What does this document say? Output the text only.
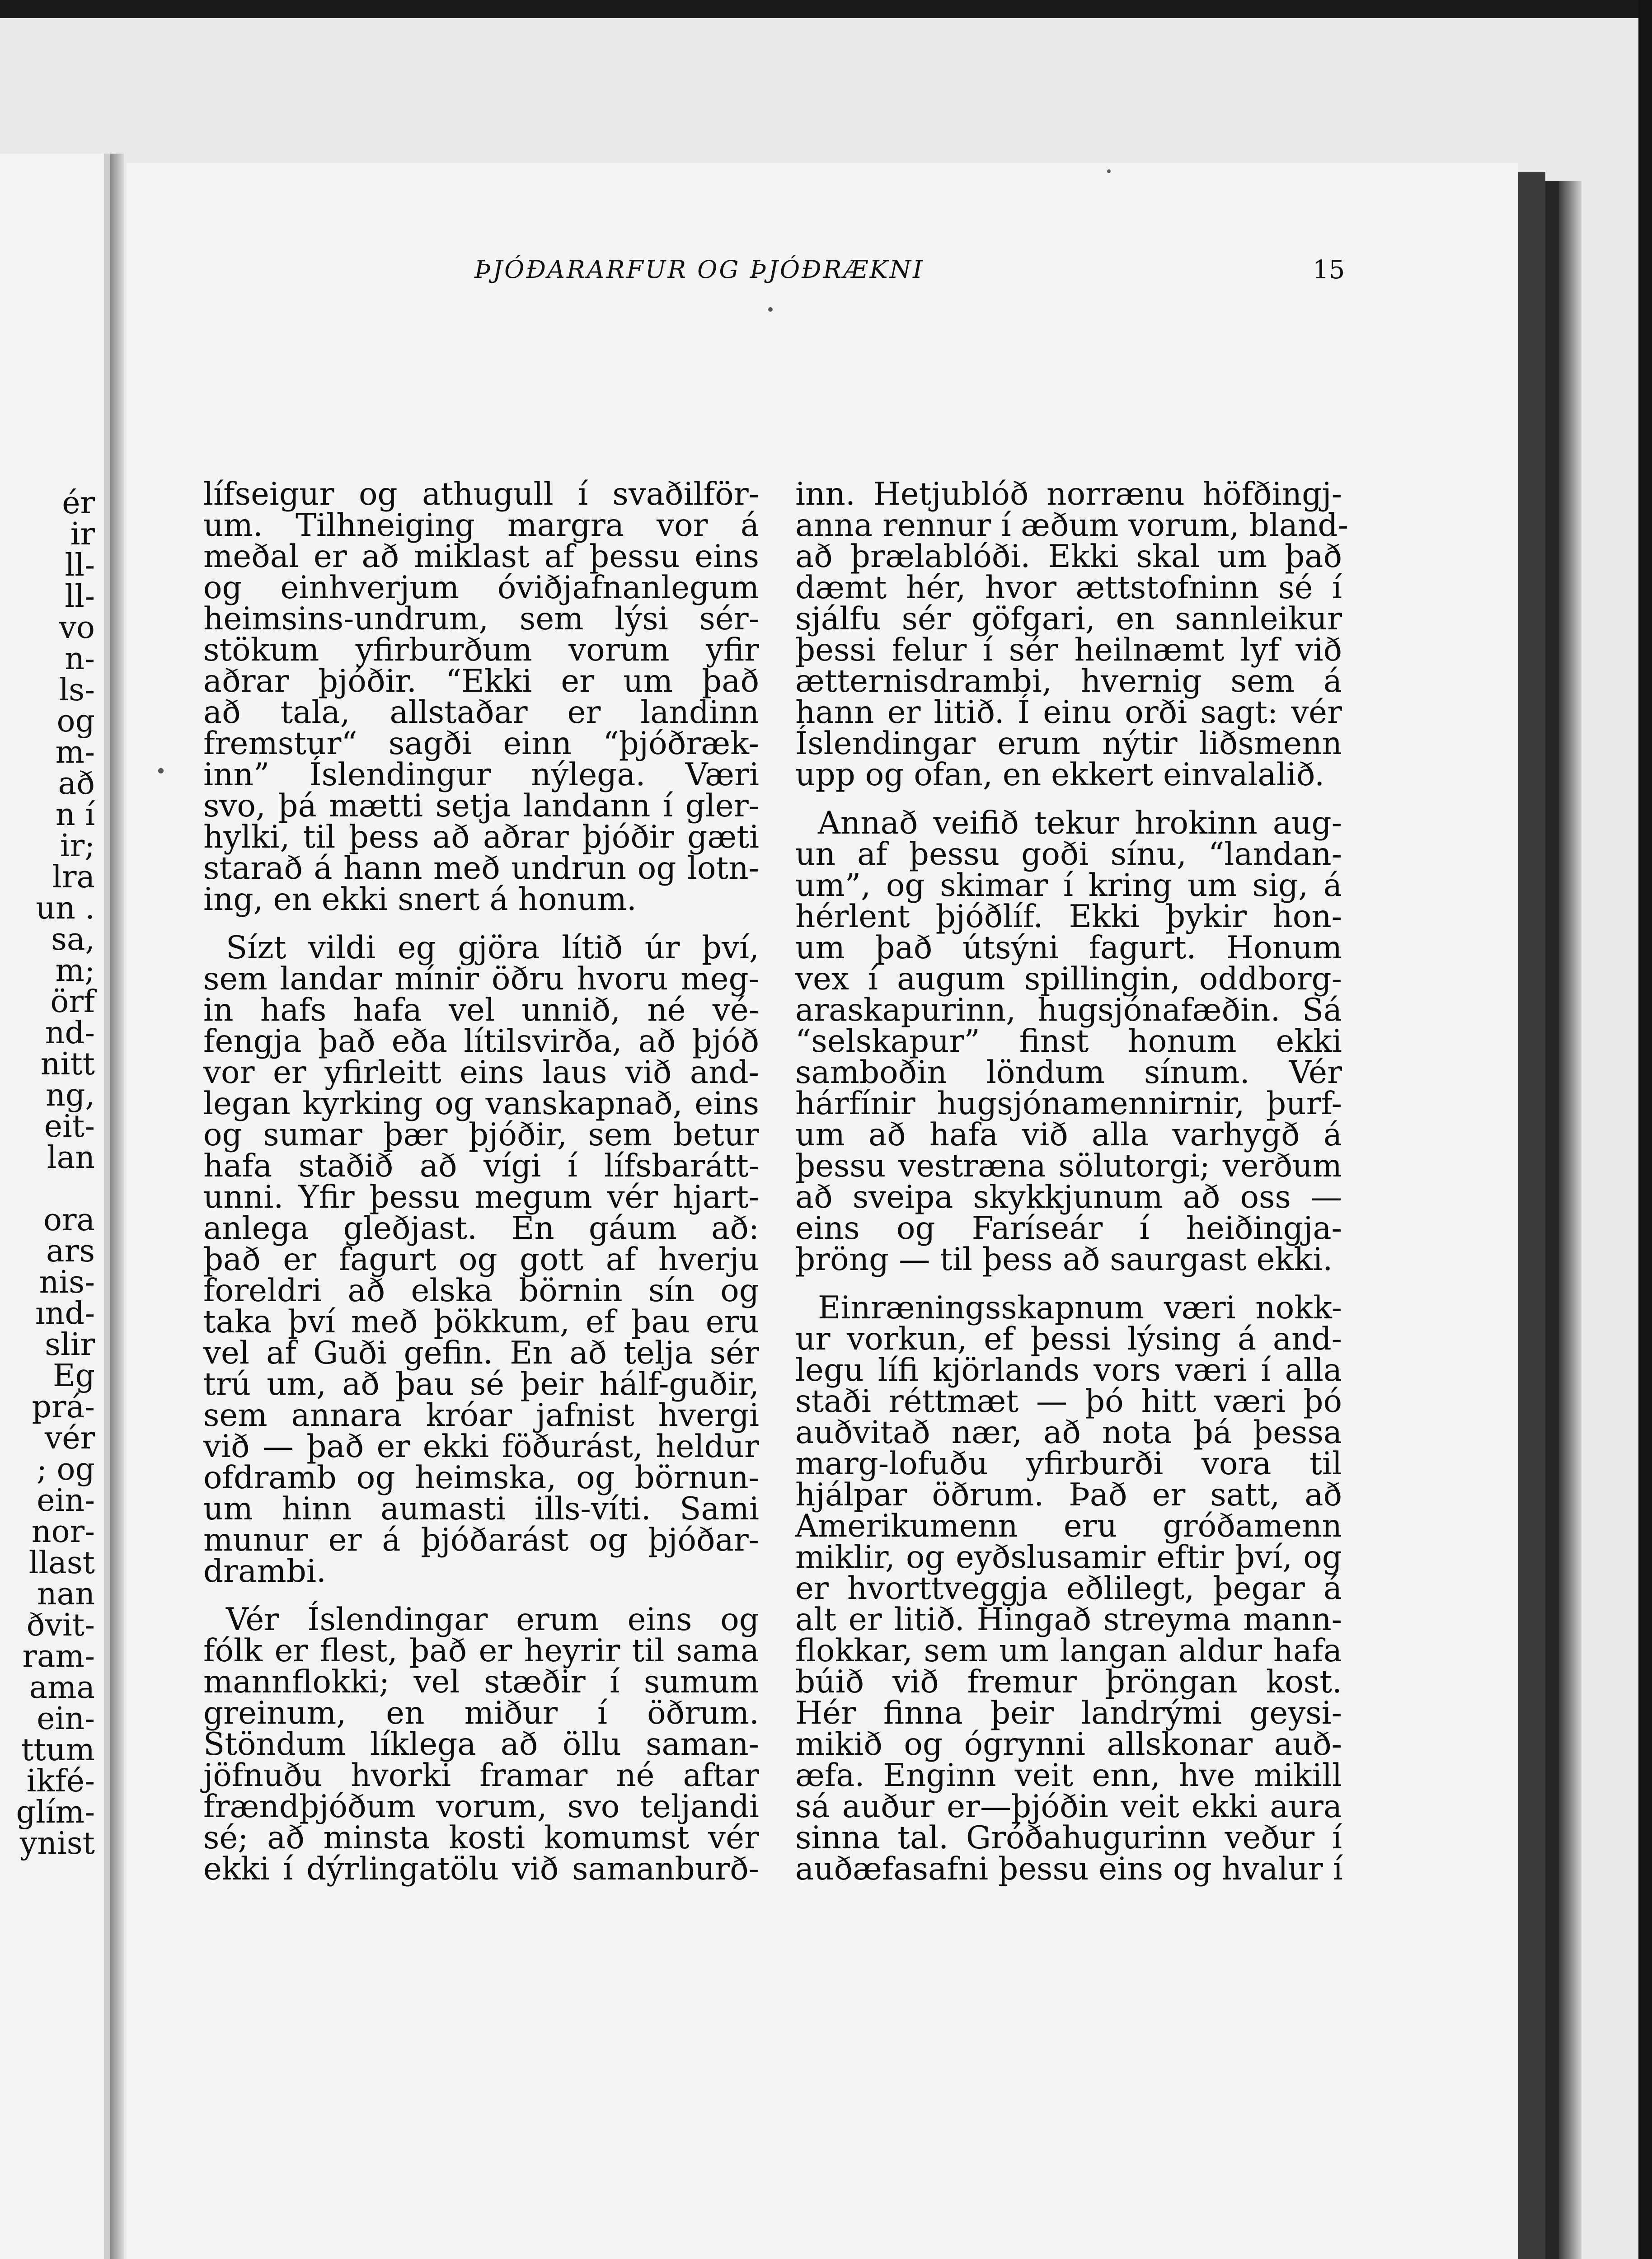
ér
ir
ll-
ll-
vo
n-
ls-
og
m-
að
n í
ir;
lra
un .
sa,
m;
örf
nd-
nitt
ng,
eit-
lan
ora
ars
nis-
ınd-
slir
Eg
prá-
vér
; og
ein-
nor-
llast
nan
ðvit-
ram-
ama
ein-
ttum
ikfé-
glím-
ynist
ÞJÓÐARARFUR OG ÞJÓÐRÆKNI	15
lífseigur og athugull í svaðilför-
um. Tilhneiging margra vor á
meðal er að miklast af þessu eins
og einhverjum óviðjafnanlegum
heimsins-undrum, sem lýsi sér-
stökum yfirburðum vorum yfir
aðrar þjóðir. “Ekki er um það
að tala, allstaðar er landinn
fremstur“ sagði einn “þjóðræk-
inn” Íslendingur nýlega. Væri
svo, þá mætti setja landann í gler-
hylki, til þess að aðrar þjóðir gæti
starað á hann með undrun og lotn-
ing, en ekki snert á honum.
Sízt vildi eg gjöra lítið úr því,
sem landar mínir öðru hvoru meg-
in hafs hafa vel unnið, né vé-
fengja það eða lítilsvirða, að þjóð
vor er yfirleitt eins laus við and-
legan kyrking og vanskapnað, eins
og sumar þær þjóðir, sem betur
hafa staðið að vígi í lífsbarátt-
unni. Yfir þessu megum vér hjart-
anlega gleðjast. En gáum að:
það er fagurt og gott af hverju
foreldri að elska börnin sín og
taka því með þökkum, ef þau eru
vel af Guði gefin. En að telja sér
trú um, að þau sé þeir hálf-guðir,
sem annara króar jafnist hvergi
við — það er ekki föðurást, heldur
ofdramb og heimska, og börnun-
um hinn aumasti ills-víti. Sami
munur er á þjóðarást og þjóðar-
drambi.
Vér Íslendingar erum eins og
fólk er flest, það er heyrir til sama
mannflokki; vel stæðir í sumum
greinum, en miður í öðrum.
Stöndum líklega að öllu saman-
jöfnuðu hvorki framar né aftar
frændþjóðum vorum, svo teljandi
sé; að minsta kosti komumst vér
ekki í dýrlingatölu við samanburð-
inn. Hetjublóð norrænu höfðingj-
anna rennur í æðum vorum, bland-
að þrælablóði. Ekki skal um það
dæmt hér, hvor ættstofninn sé í
sjálfu sér göfgari, en sannleikur
þessi felur í sér heilnæmt lyf við
ætternisdrambi, hvernig sem á
hann er litið. Í einu orði sagt: vér
Íslendingar erum nýtir liðsmenn
upp og ofan, en ekkert einvalalið.
Annað veifið tekur hrokinn aug-
un af þessu goði sínu, “landan-
um”, og skimar í kring um sig, á
hérlent þjóðlíf. Ekki þykir hon-
um það útsýni fagurt. Honum
vex í augum spillingin, oddborg-
araskapurinn, hugsjónafæðin. Sá
“selskapur” finst honum ekki
samboðin löndum sínum. Vér
hárfínir hugsjónamennirnir, þurf-
um að hafa við alla varhygð á
þessu vestræna sölutorgi; verðum
að sveipa skykkjunum að oss —
eins og Faríseár í heiðingja-
þröng — til þess að saurgast ekki.
Einræningsskapnum væri nokk-
ur vorkun, ef þessi lýsing á and-
legu lífi kjörlands vors væri í alla
staði réttmæt — þó hitt væri þó
auðvitað nær, að nota þá þessa
marg-lofuðu yfirburði vora til
hjálpar öðrum. Það er satt, að
Amerikumenn eru gróðamenn
miklir, og eyðslusamir eftir því, og
er hvorttveggja eðlilegt, þegar á
alt er litið. Hingað streyma mann-
flokkar, sem um langan aldur hafa
búið við fremur þröngan kost.
Hér finna þeir landrými geysi-
mikið og ógrynni allskonar auð-
æfa. Enginn veit enn, hve mikill
sá auður er—þjóðin veit ekki aura
sinna tal. Gróðahugurinn veður í
auðæfasafni þessu eins og hvalur í
